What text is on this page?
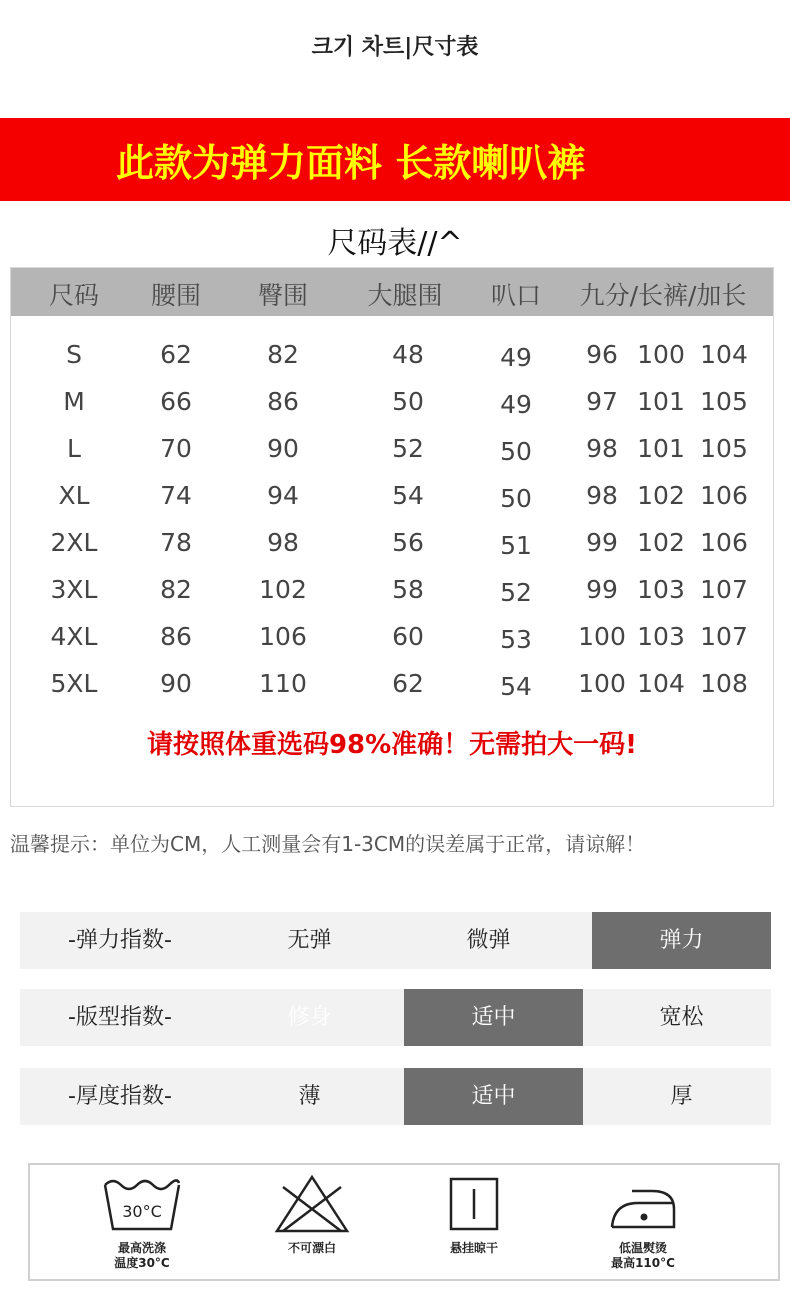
크기 차트|尺寸表
此款为弹力面料 长款喇叭裤
尺码表//^
尺码 腰围 臀围 大腿围 叭口 九分/长裤/加长
S	62	82	48	49 96 100 104
M	66	86	50	49 97 101 105
L	70	90	52	50 98 101 105
XL	74	94	54	50 98 102 106
2XL	78	98	56	51 99 102 106
3XL	82	102	58	52 99 103 107
4XL	86	106	60	53 100 103 107
5XL	90	110	62	54 100 104 108
请按照体重选码98%准确！无需拍大一码!
温馨提示：单位为CM，人工测量会有1-3CM的误差属于正常，请谅解！
-弹力指数-	无弹	微弹	弹力
-版型指数-	修身	适中	宽松
-厚度指数-	薄	适中	厚
30°C
最高洗涤
温度30°C
不可漂白	悬挂晾干	低温熨烫
最高110°C
